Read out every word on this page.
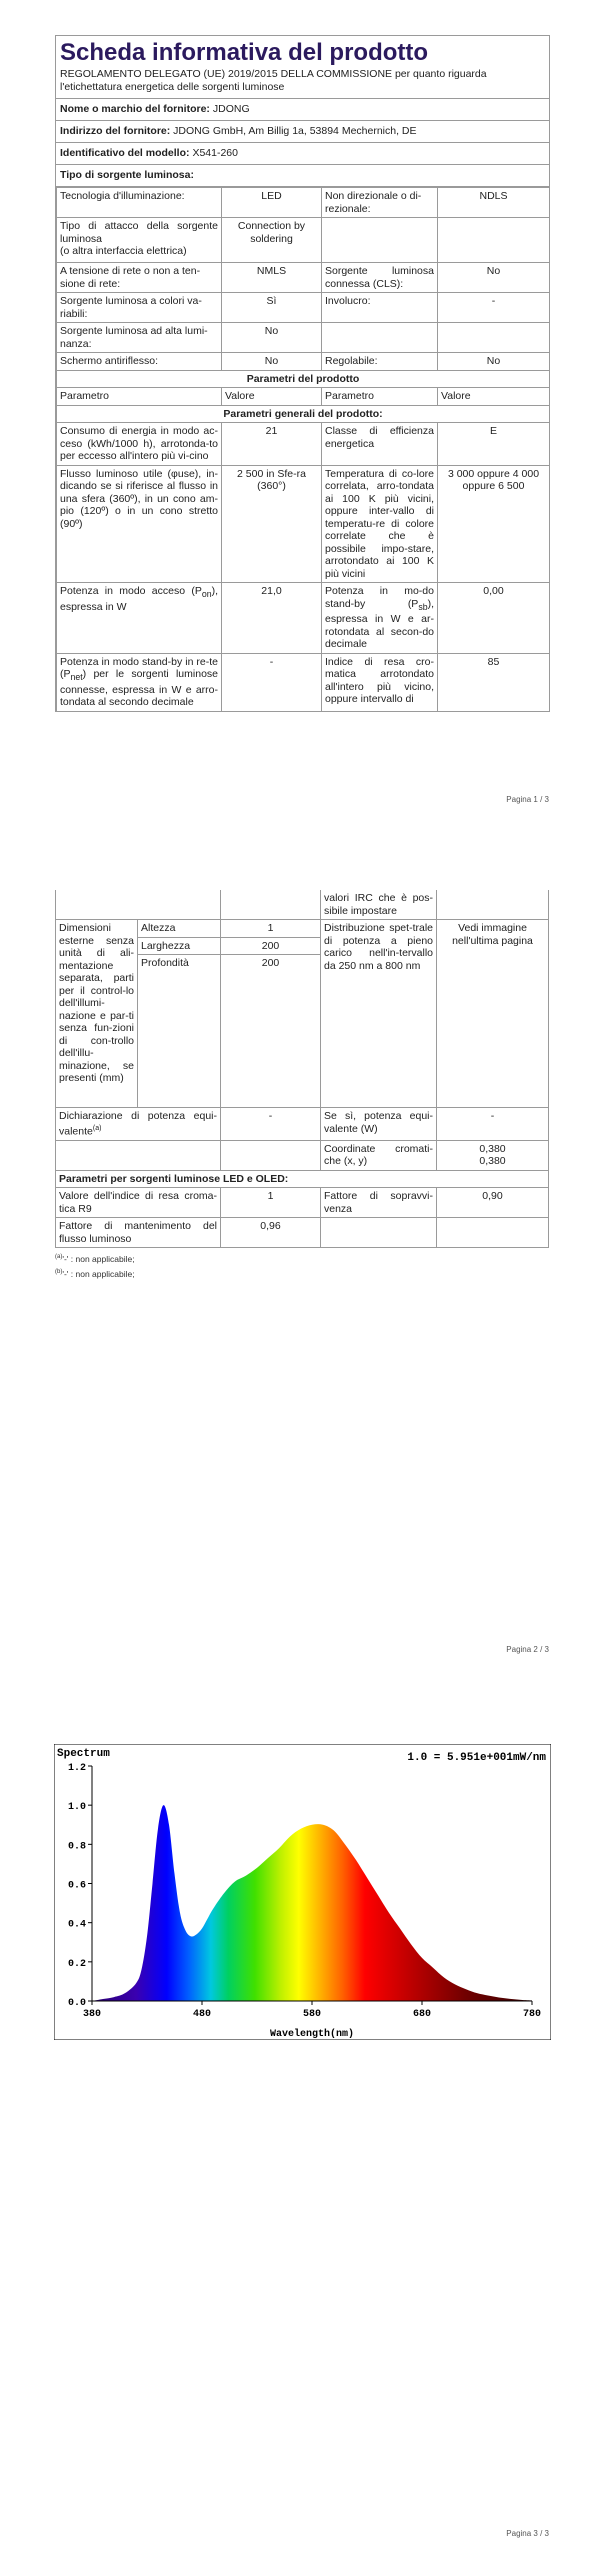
Scheda informativa del prodotto
REGOLAMENTO DELEGATO (UE) 2019/2015 DELLA COMMISSIONE per quanto riguarda l'etichettatura energetica delle sorgenti luminose
Nome o marchio del fornitore: JDONG
Indirizzo del fornitore: JDONG GmbH, Am Billig 1a, 53894 Mechernich, DE
Identificativo del modello: X541-260
Tipo di sorgente luminosa:
Tecnologia d'illuminazione:	LED	Non direzionale o di-rezionale:	NDLS

Tipo di attacco della sorgente luminosa
(o altra interfaccia elettrica)	Connection by soldering		
A tensione di rete o non a ten-sione di rete:	NMLS	Sorgente luminosa connessa (CLS):	No
Sorgente luminosa a colori va-riabili:	Sì	Involucro:	-
Sorgente luminosa ad alta lumi-nanza:	No		
Schermo antiriflesso:	No	Regolabile:	No
Parametri del prodotto			
Parametro	Valore	Parametro	Valore
Parametri generali del prodotto:			
Consumo di energia in modo ac-ceso (kWh/1000 h), arrotonda-to per eccesso all'intero più vi-cino	21	Classe di efficienza energetica	E
Flusso luminoso utile (φuse), in-dicando se si riferisce al flusso in una sfera (360º), in un cono am-pio (120º) o in un cono stretto (90º)	2 500 in Sfe-ra (360°)	Temperatura di co-lore correlata, arro-tondata ai 100 K più vicini, oppure inter-vallo di temperatu-re di colore correlate che è possibile impo-stare, arrotondato ai 100 K più vicini	3 000 oppure 4 000 oppure 6 500
Potenza in modo acceso $(P_{on})$, espressa in W	21,0	Potenza in mo-do stand-by $(P_{sb})$, espressa in W e ar-rotondata al secon-do decimale	0,00
Potenza in modo stand-by in re-te $(P_{net})$ per le sorgenti luminose connesse, espressa in W e arro-tondata al secondo decimale	-	Indice di resa cro-matica arrotondato all'intero più vicino, oppure intervallo di	85
Pagina 1 / 3
			valori IRC che è pos-sibile impostare	
Dimensioni esterne senza unità di ali-mentazione separata, parti per il control-lo dell'illumi-nazione e par-ti senza fun-zioni di con-trollo dell'illu-minazione, se presenti (mm)	Altezza	1	Distribuzione spet-trale di potenza a pieno carico nell'in-tervallo da 250 nm a 800 nm	Vedi immagine nell'ultima pagina
	Larghezza	200		
	Profondità	200		
Dichiarazione di potenza equi-valente$^{(a)}$		-	Se sì, potenza equi-valente (W)	-
			Coordinate cromati-che (x, y)	0,380
0,380

Parametri per sorgenti luminose LED e OLED:				
Valore dell'indice di resa croma-tica R9		1	Fattore di sopravvi-venza	0,90
Fattore di mantenimento del flusso luminoso		0,96		
$^{(a)}$'-' : non applicabile;
$^{(b)}$'-' : non applicabile;
Pagina 2 / 3
Spectrum	1.0 = 5.951e+001mW/nm
Wavelength(nm)
0.0
0.2
0.4
0.6
0.8
1.0
1.2
380	480	580	680	780
Pagina 3 / 3
